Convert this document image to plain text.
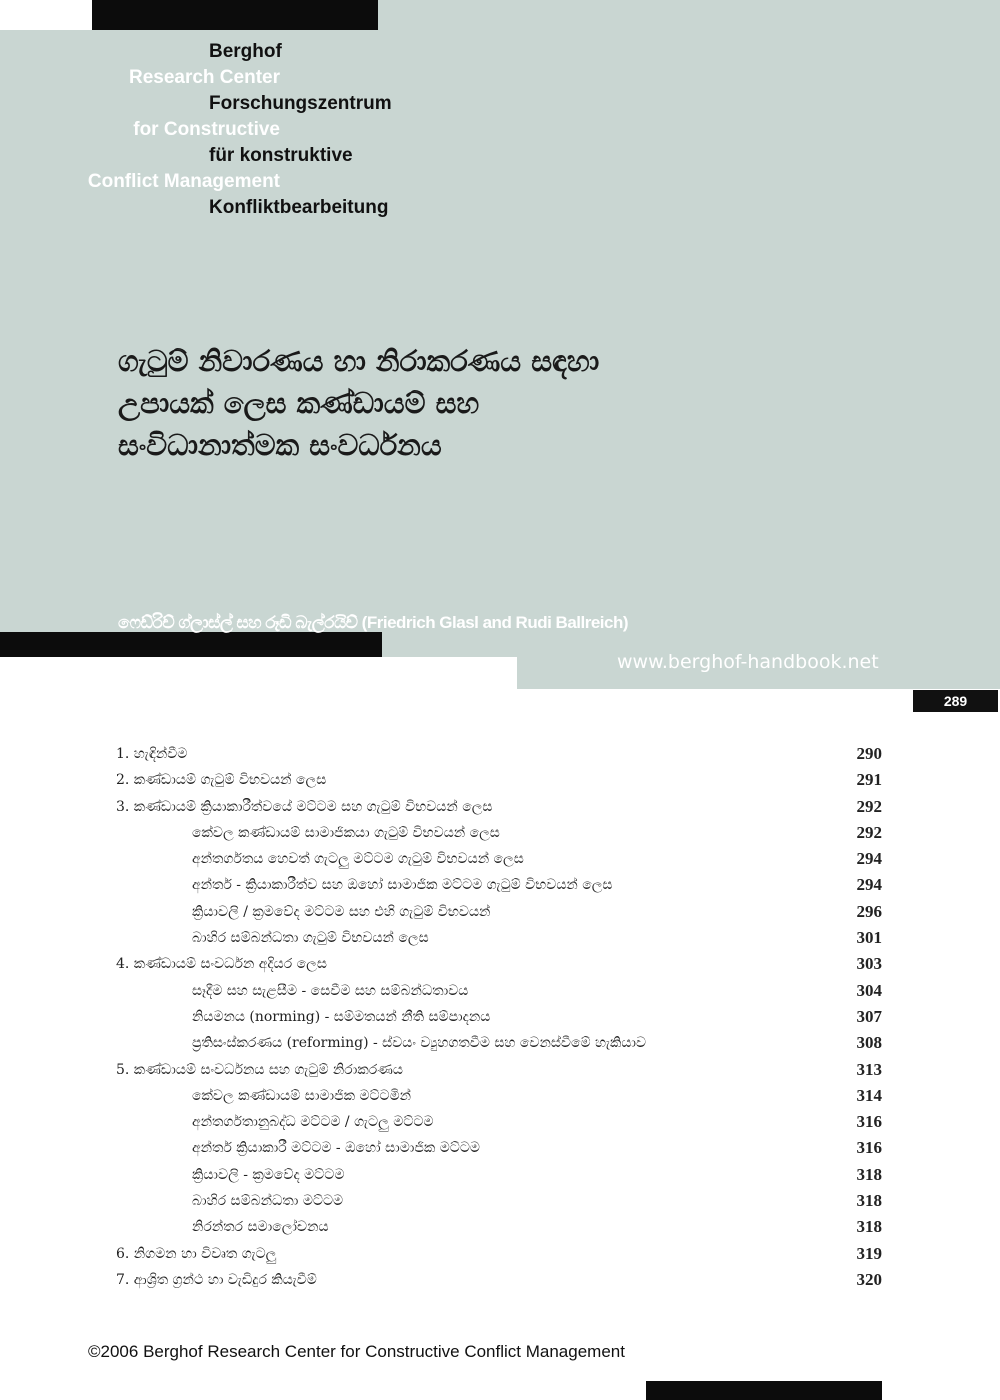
Berghof
Research Center
Forschungszentrum
for Constructive
für konstruktive
Conflict Management
Konfliktbearbeitung
ගැටුම් නිවාරණය හා නිරාකරණය සඳහා
උපායක් ලෙස කණ්ඩායම් සහ
සංවිධානාත්මක සංවර්ධනය
ෆෙඩ්රිච් ග්ලාස්ල් සහ රූඩි බැල්රයිච් (Friedrich Glasl and Rudi Ballreich)
www.berghof-handbook.net
289
1. හැඳින්වීම	290
2. කණ්ඩායම් ගැටුම් විභවයන් ලෙස	291
3. කණ්ඩායම් ක්‍රියාකාරීත්වයේ මට්ටම සහ ගැටුම් විභවයන් ලෙස	292
කේවල කණ්ඩායම් සාමාජිකයා ගැටුම් විභවයන් ලෙස	292
අන්තර්ගතය හෙවත් ගැටලු මට්ටම ගැටුම් විභවයන් ලෙස	294
අන්තර් - ක්‍රියාකාරීත්ව සහ ඔහෝ සාමාජික මට්ටම ගැටුම් විභවයන් ලෙස	294
ක්‍රියාවලි / ක්‍රමවේද මට්ටම සහ එහි ගැටුම් විභවයන්	296
බාහිර සම්බන්ධතා ගැටුම් විභවයන් ලෙස	301
4. කණ්ඩායම් සංවර්ධන අදියර ලෙස	303
සෑදීම සහ සැළසීම - සෙවීම සහ සම්බන්ධතාවය	304
නියමනය (norming) - සම්මතයන් නීති සම්පාදනය	307
ප්‍රතිසංස්කරණය (reforming) - ස්වයං ව්‍යුහගතවීම සහ වෙනස්වීමේ හැකියාව	308
5. කණ්ඩායම් සංවර්ධනය සහ ගැටුම් නිරාකරණය	313
කේවල කණ්ඩායම් සාමාජික මට්ටමින්	314
අන්තර්ගතානුබද්ධ මට්ටම / ගැටලු මට්ටම	316
අන්තර් ක්‍රියාකාරී මට්ටම - ඔහෝ සාමාජික මට්ටම	316
ක්‍රියාවලි - ක්‍රමවේද මට්ටම	318
බාහිර සම්බන්ධතා මට්ටම	318
නිරන්තර සමාලෝචනය	318
6. නිගමන හා විවෘත ගැටලු	319
7. ආශ්‍රිත ග්‍රන්ථ හා වැඩිදුර කියැවීම්	320
©2006 Berghof Research Center for Constructive Conflict Management
